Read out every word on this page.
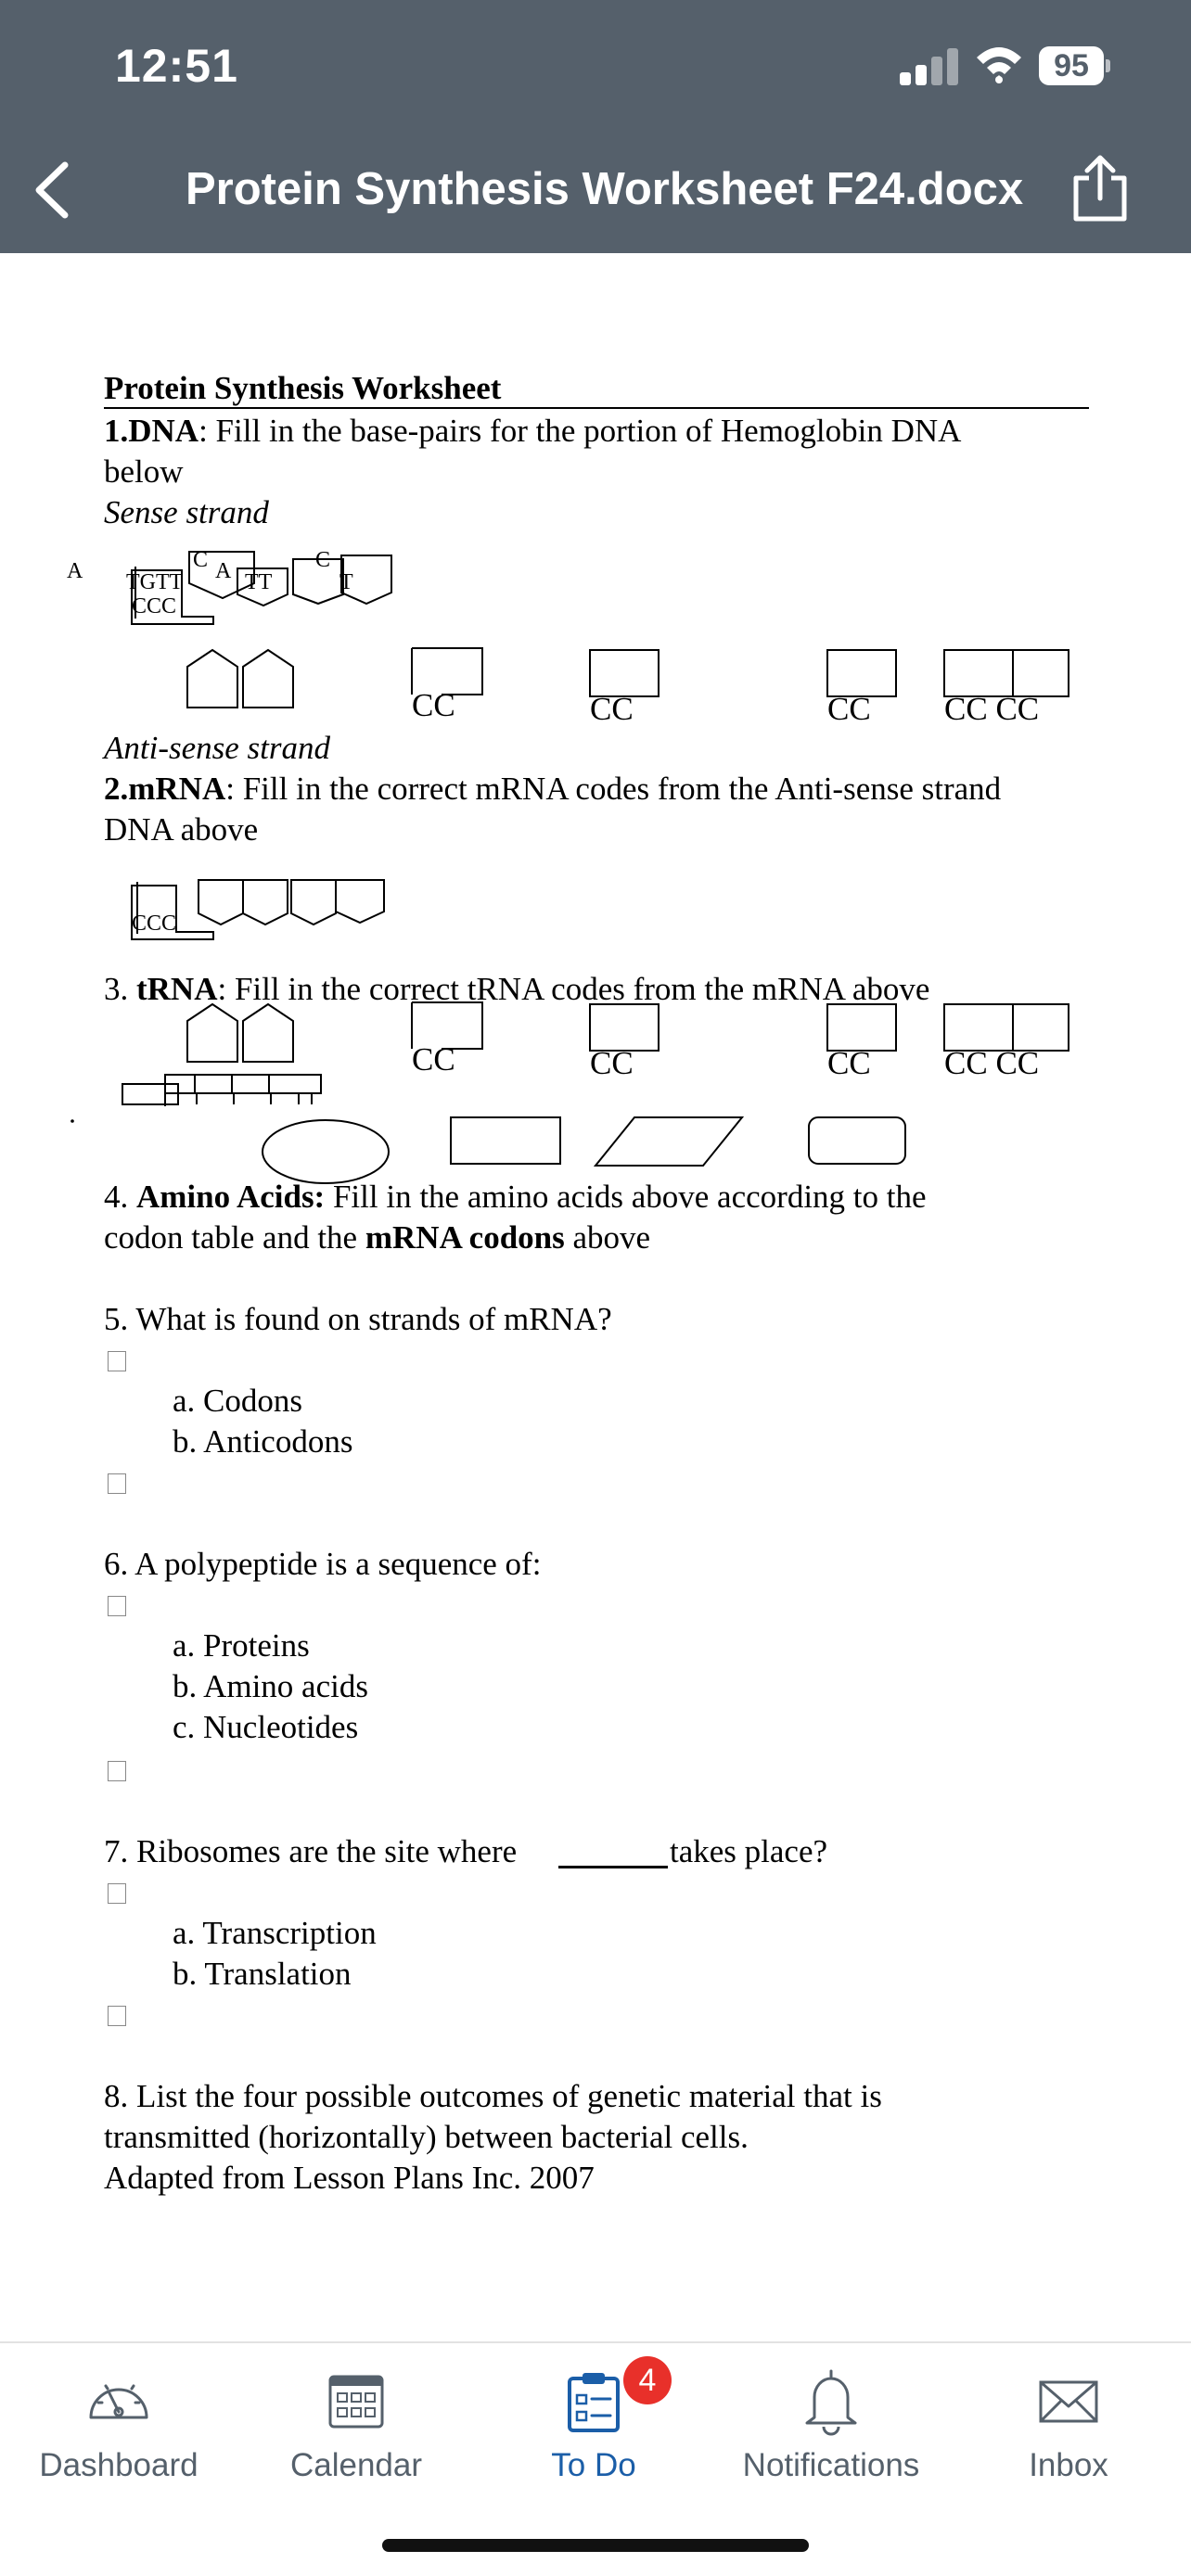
12:51	95
Protein Synthesis Worksheet F24.docx
Protein Synthesis Worksheet
1.DNA: Fill in the base-pairs for the portion of Hemoglobin DNA
below
Sense strand
A	C A	C
T
TGTT	TT
CCC
CC	CC	CC CC CC
Anti-sense strand
2.mRNA: Fill in the correct mRNA codes from the Anti-sense strand
DNA above
CCC
3. tRNA: Fill in the correct tRNA codes from the mRNA above
CC	CC	CC CC CC
4. Amino Acids: Fill in the amino acids above according to the
codon table and the mRNA codons above
5. What is found on strands of mRNA?
a. Codons
b. Anticodons
6. A polypeptide is a sequence of:
a. Proteins
b. Amino acids
c. Nucleotides
7. Ribosomes are the site where	takes place?
a. Transcription
b. Translation
8. List the four possible outcomes of genetic material that is
transmitted (horizontally) between bacterial cells.
Adapted from Lesson Plans Inc. 2007
Dashboard	Calendar
4
To Do	Notifications	Inbox
